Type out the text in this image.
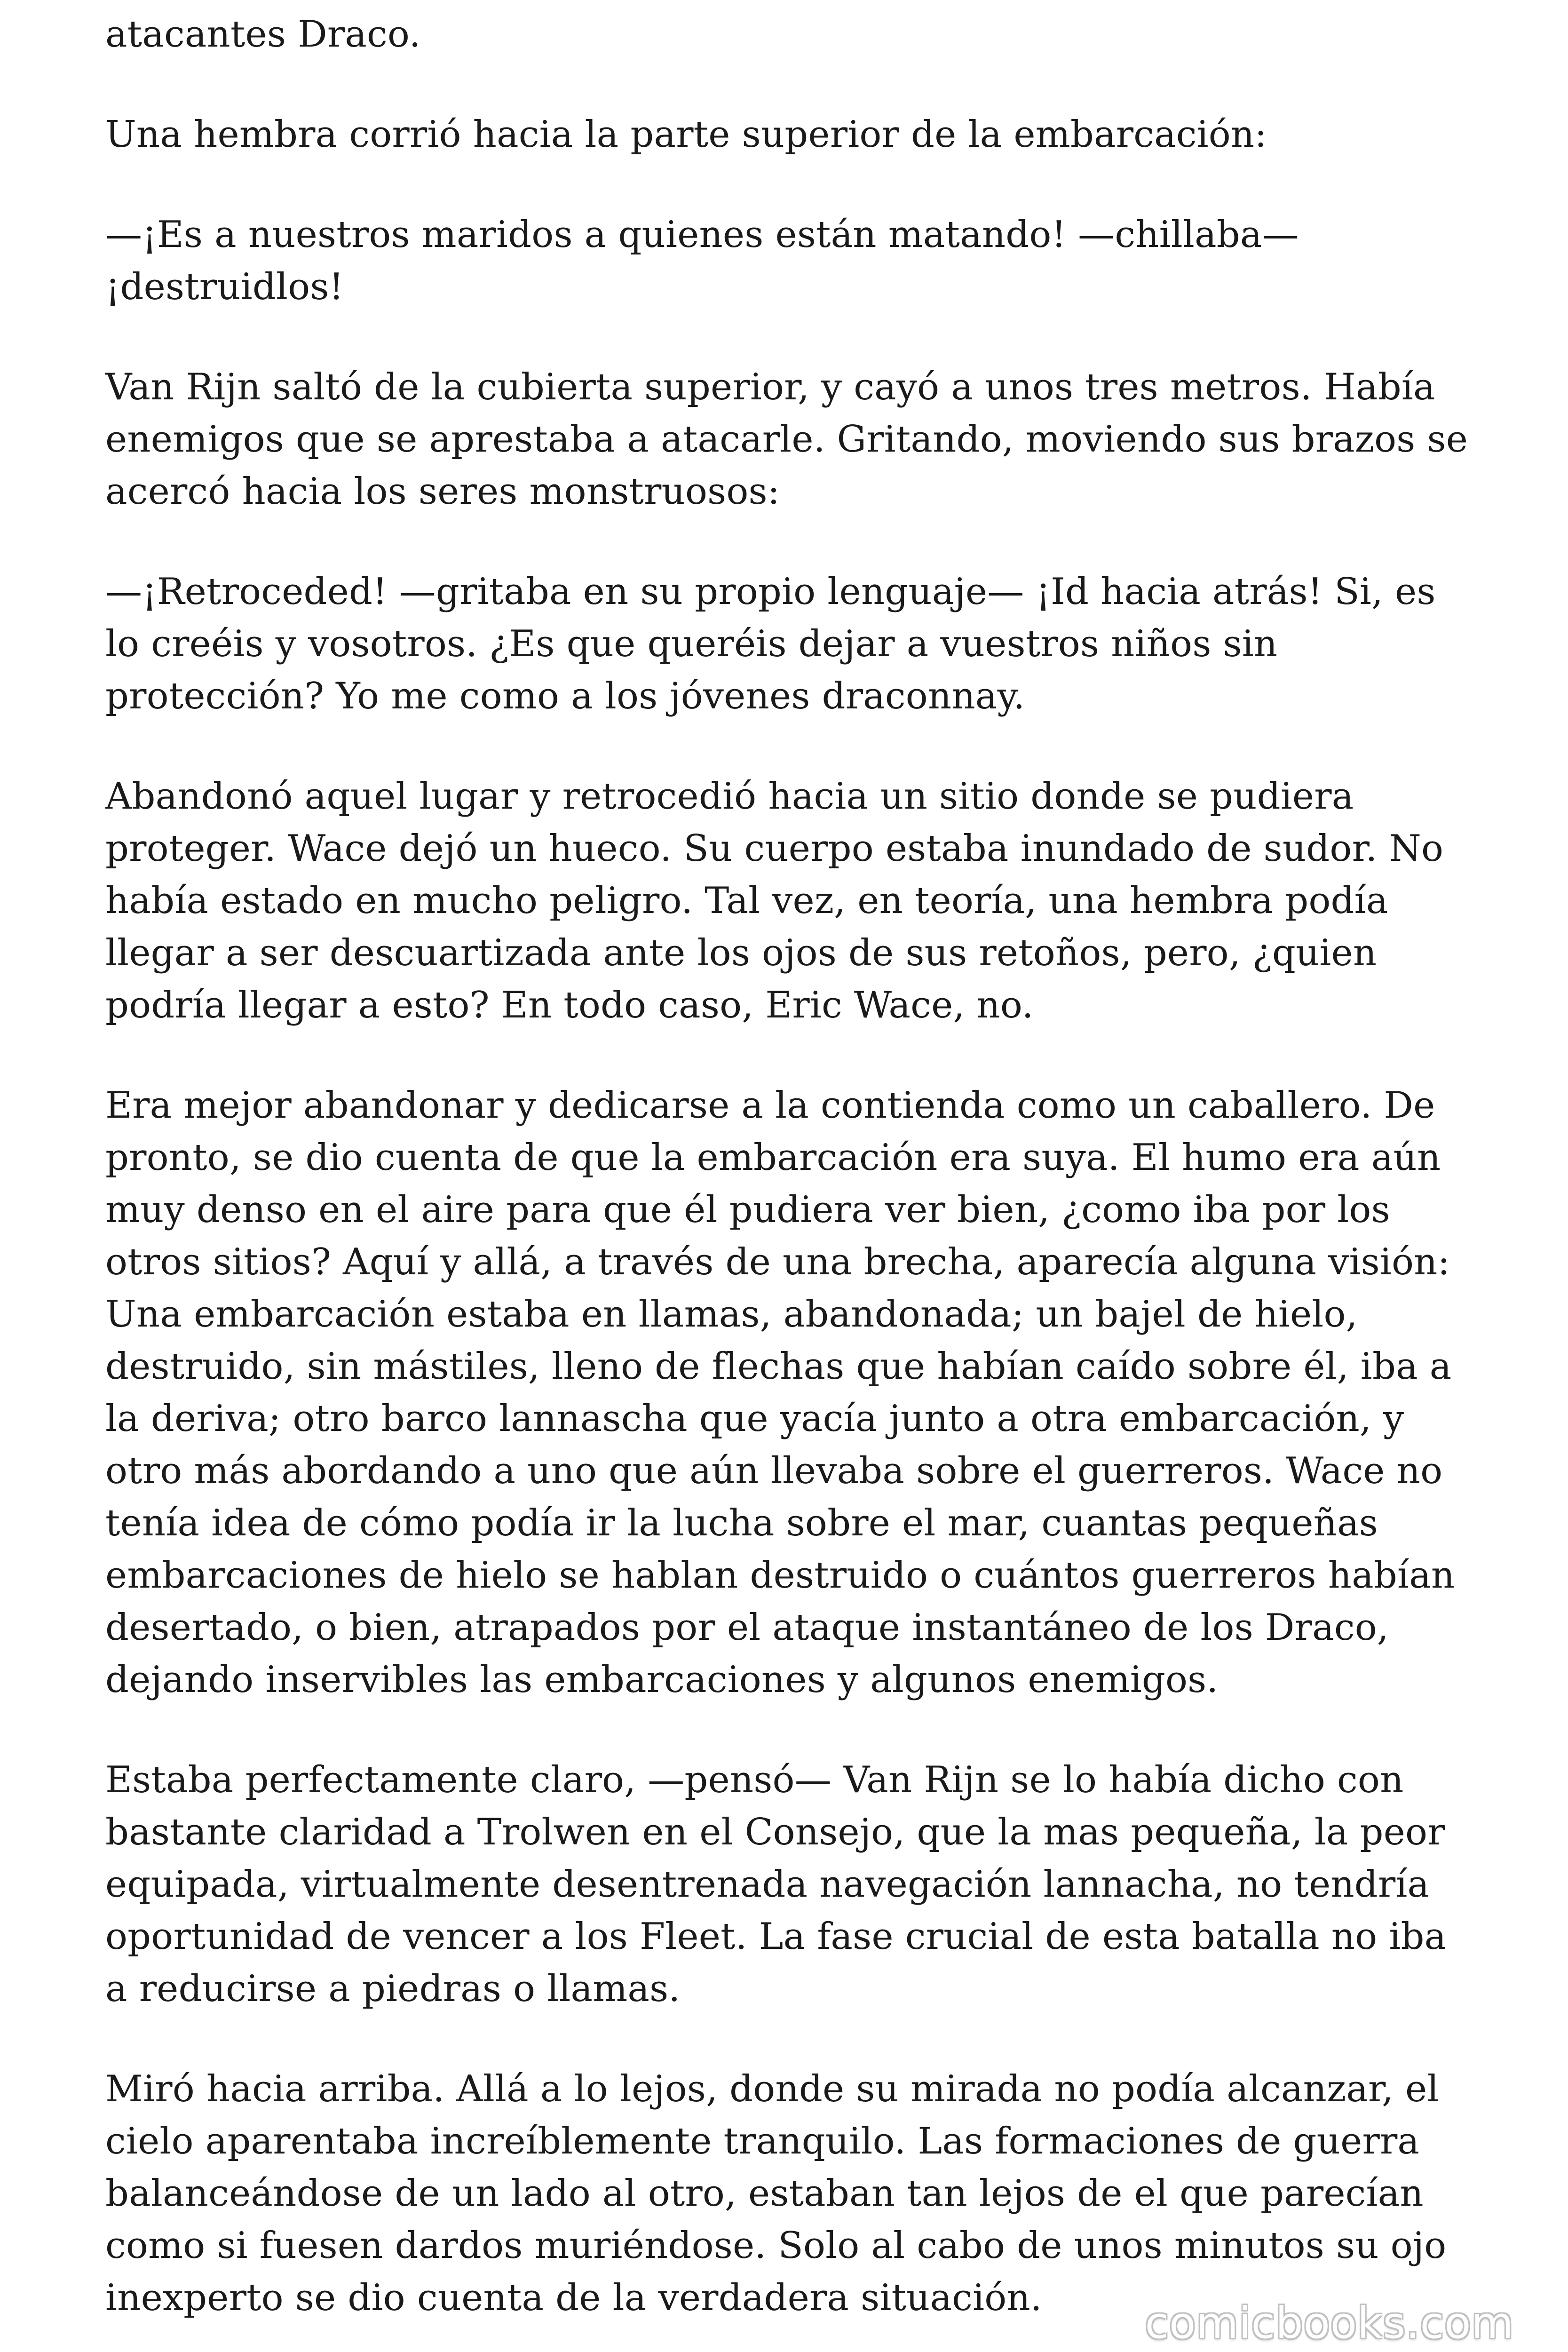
atacantes Draco.

Una hembra corrió hacia la parte superior de la embarcación:

—¡Es a nuestros maridos a quienes están matando! —chillaba— ¡destruidlos!

Van Rijn saltó de la cubierta superior, y cayó a unos tres metros. Había enemigos que se aprestaba a atacarle. Gritando, moviendo sus brazos se acercó hacia los seres monstruosos:

—¡Retroceded! —gritaba en su propio lenguaje— ¡Id hacia atrás! Si, es lo creéis y vosotros. ¿Es que queréis dejar a vuestros niños sin protección? Yo me como a los jóvenes draconnay.

Abandonó aquel lugar y retrocedió hacia un sitio donde se pudiera proteger. Wace dejó un hueco. Su cuerpo estaba inundado de sudor. No había estado en mucho peligro. Tal vez, en teoría, una hembra podía llegar a ser descuartizada ante los ojos de sus retoños, pero, ¿quien podría llegar a esto? En todo caso, Eric Wace, no.

Era mejor abandonar y dedicarse a la contienda como un caballero. De pronto, se dio cuenta de que la embarcación era suya. El humo era aún muy denso en el aire para que él pudiera ver bien, ¿como iba por los otros sitios? Aquí y allá, a través de una brecha, aparecía alguna visión: Una embarcación estaba en llamas, abandonada; un bajel de hielo, destruido, sin mástiles, lleno de flechas que habían caído sobre él, iba a la deriva; otro barco lannascha que yacía junto a otra embarcación, y otro más abordando a uno que aún llevaba sobre el guerreros. Wace no tenía idea de cómo podía ir la lucha sobre el mar, cuantas pequeñas embarcaciones de hielo se hablan destruido o cuántos guerreros habían desertado, o bien, atrapados por el ataque instantáneo de los Draco, dejando inservibles las embarcaciones y algunos enemigos.

Estaba perfectamente claro, —pensó— Van Rijn se lo había dicho con bastante claridad a Trolwen en el Consejo, que la mas pequeña, la peor equipada, virtualmente desentrenada navegación lannacha, no tendría oportunidad de vencer a los Fleet. La fase crucial de esta batalla no iba a reducirse a piedras o llamas.

Miró hacia arriba. Allá a lo lejos, donde su mirada no podía alcanzar, el cielo aparentaba increíblemente tranquilo. Las formaciones de guerra balanceándose de un lado al otro, estaban tan lejos de el que parecían como si fuesen dardos muriéndose. Solo al cabo de unos minutos su ojo inexperto se dio cuenta de la verdadera situación.	comicbooks.com
